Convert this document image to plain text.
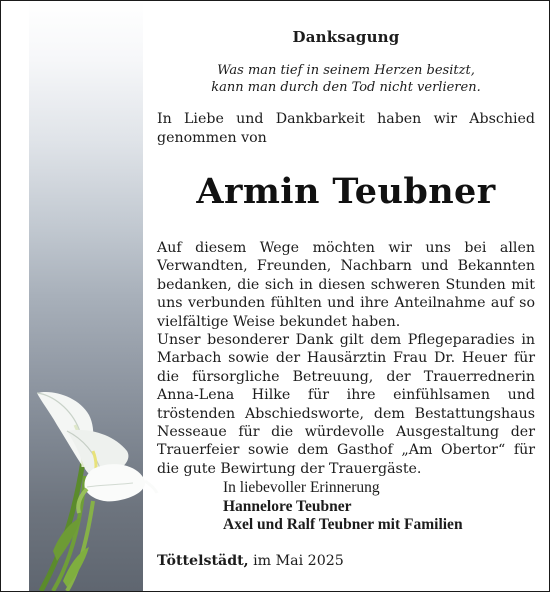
Danksagung
Was man tief in seinem Herzen besitzt,
kann man durch den Tod nicht verlieren.
In Liebe und Dankbarkeit haben wir Abschied genommen von
Armin Teubner

Auf diesem Wege möchten wir uns bei allen Verwandten, Freunden, Nachbarn und Bekannten bedanken, die sich in diesen schweren Stunden mit uns verbunden fühlten und ihre Anteilnahme auf so vielfältige Weise bekundet haben.

Unser besonderer Dank gilt dem Pflegeparadies in Marbach sowie der Hausärztin Frau Dr. Heuer für die fürsorgliche Betreuung, der Trauerrednerin Anna-Lena Hilke für ihre einfühlsamen und tröstenden Abschiedsworte, dem Bestattungshaus Nesseaue für die würdevolle Ausgestaltung der Trauerfeier sowie dem Gasthof „Am Obertor“ für die gute Bewirtung der Trauergäste.

In liebevoller Erinnerung
Hannelore Teubner
Axel und Ralf Teubner mit Familien
Töttelstädt, im Mai 2025
